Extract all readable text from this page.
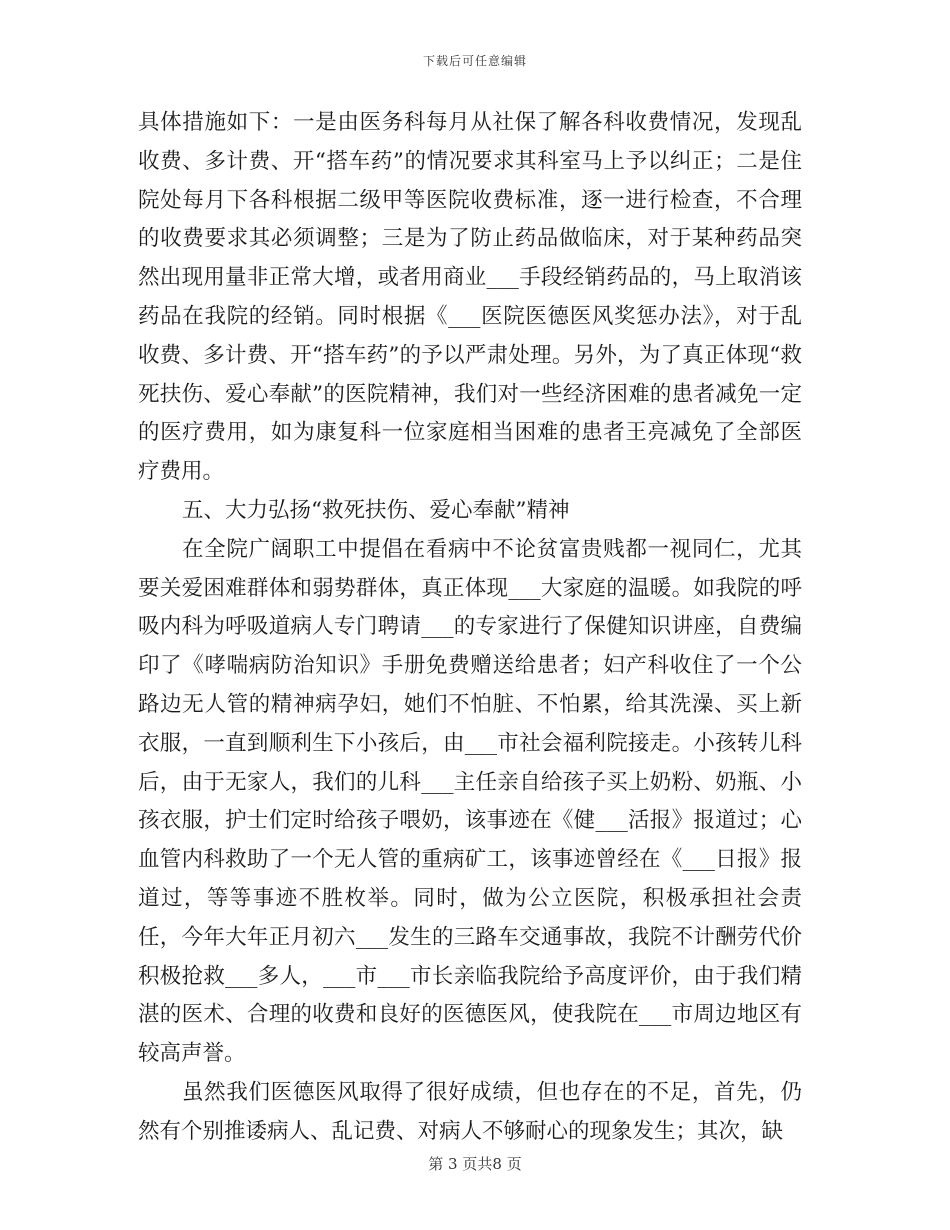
下载后可任意编辑

具体措施如下：一是由医务科每月从社保了解各科收费情况，发现乱收费、多计费、开“搭车药”的情况要求其科室马上予以纠正；二是住院处每月下各科根据二级甲等医院收费标准，逐一进行检查，不合理的收费要求其必须调整；三是为了防止药品做临床，对于某种药品突然出现用量非正常大增，或者用商业___手段经销药品的，马上取消该药品在我院的经销。同时根据《___医院医德医风奖惩办法》，对于乱收费、多计费、开“搭车药”的予以严肃处理。另外，为了真正体现“救死扶伤、爱心奉献”的医院精神，我们对一些经济困难的患者减免一定的医疗费用，如为康复科一位家庭相当困难的患者王亮减免了全部医疗费用。

五、大力弘扬“救死扶伤、爱心奉献”精神

在全院广阔职工中提倡在看病中不论贫富贵贱都一视同仁，尤其要关爱困难群体和弱势群体，真正体现___大家庭的温暖。如我院的呼吸内科为呼吸道病人专门聘请___的专家进行了保健知识讲座，自费编印了《哮喘病防治知识》手册免费赠送给患者；妇产科收住了一个公路边无人管的精神病孕妇，她们不怕脏、不怕累，给其洗澡、买上新衣服，一直到顺利生下小孩后，由___市社会福利院接走。小孩转儿科后，由于无家人，我们的儿科___主任亲自给孩子买上奶粉、奶瓶、小孩衣服，护士们定时给孩子喂奶，该事迹在《健___活报》报道过；心血管内科救助了一个无人管的重病矿工，该事迹曾经在《___日报》报道过，等等事迹不胜枚举。同时，做为公立医院，积极承担社会责任，今年大年正月初六___发生的三路车交通事故，我院不计酬劳代价积极抢救___多人，___市___市长亲临我院给予高度评价，由于我们精湛的医术、合理的收费和良好的医德医风，使我院在___市周边地区有较高声誉。

虽然我们医德医风取得了很好成绩，但也存在的不足，首先，仍然有个别推诿病人、乱记费、对病人不够耐心的现象发生；其次，缺

第 3 页共8 页
